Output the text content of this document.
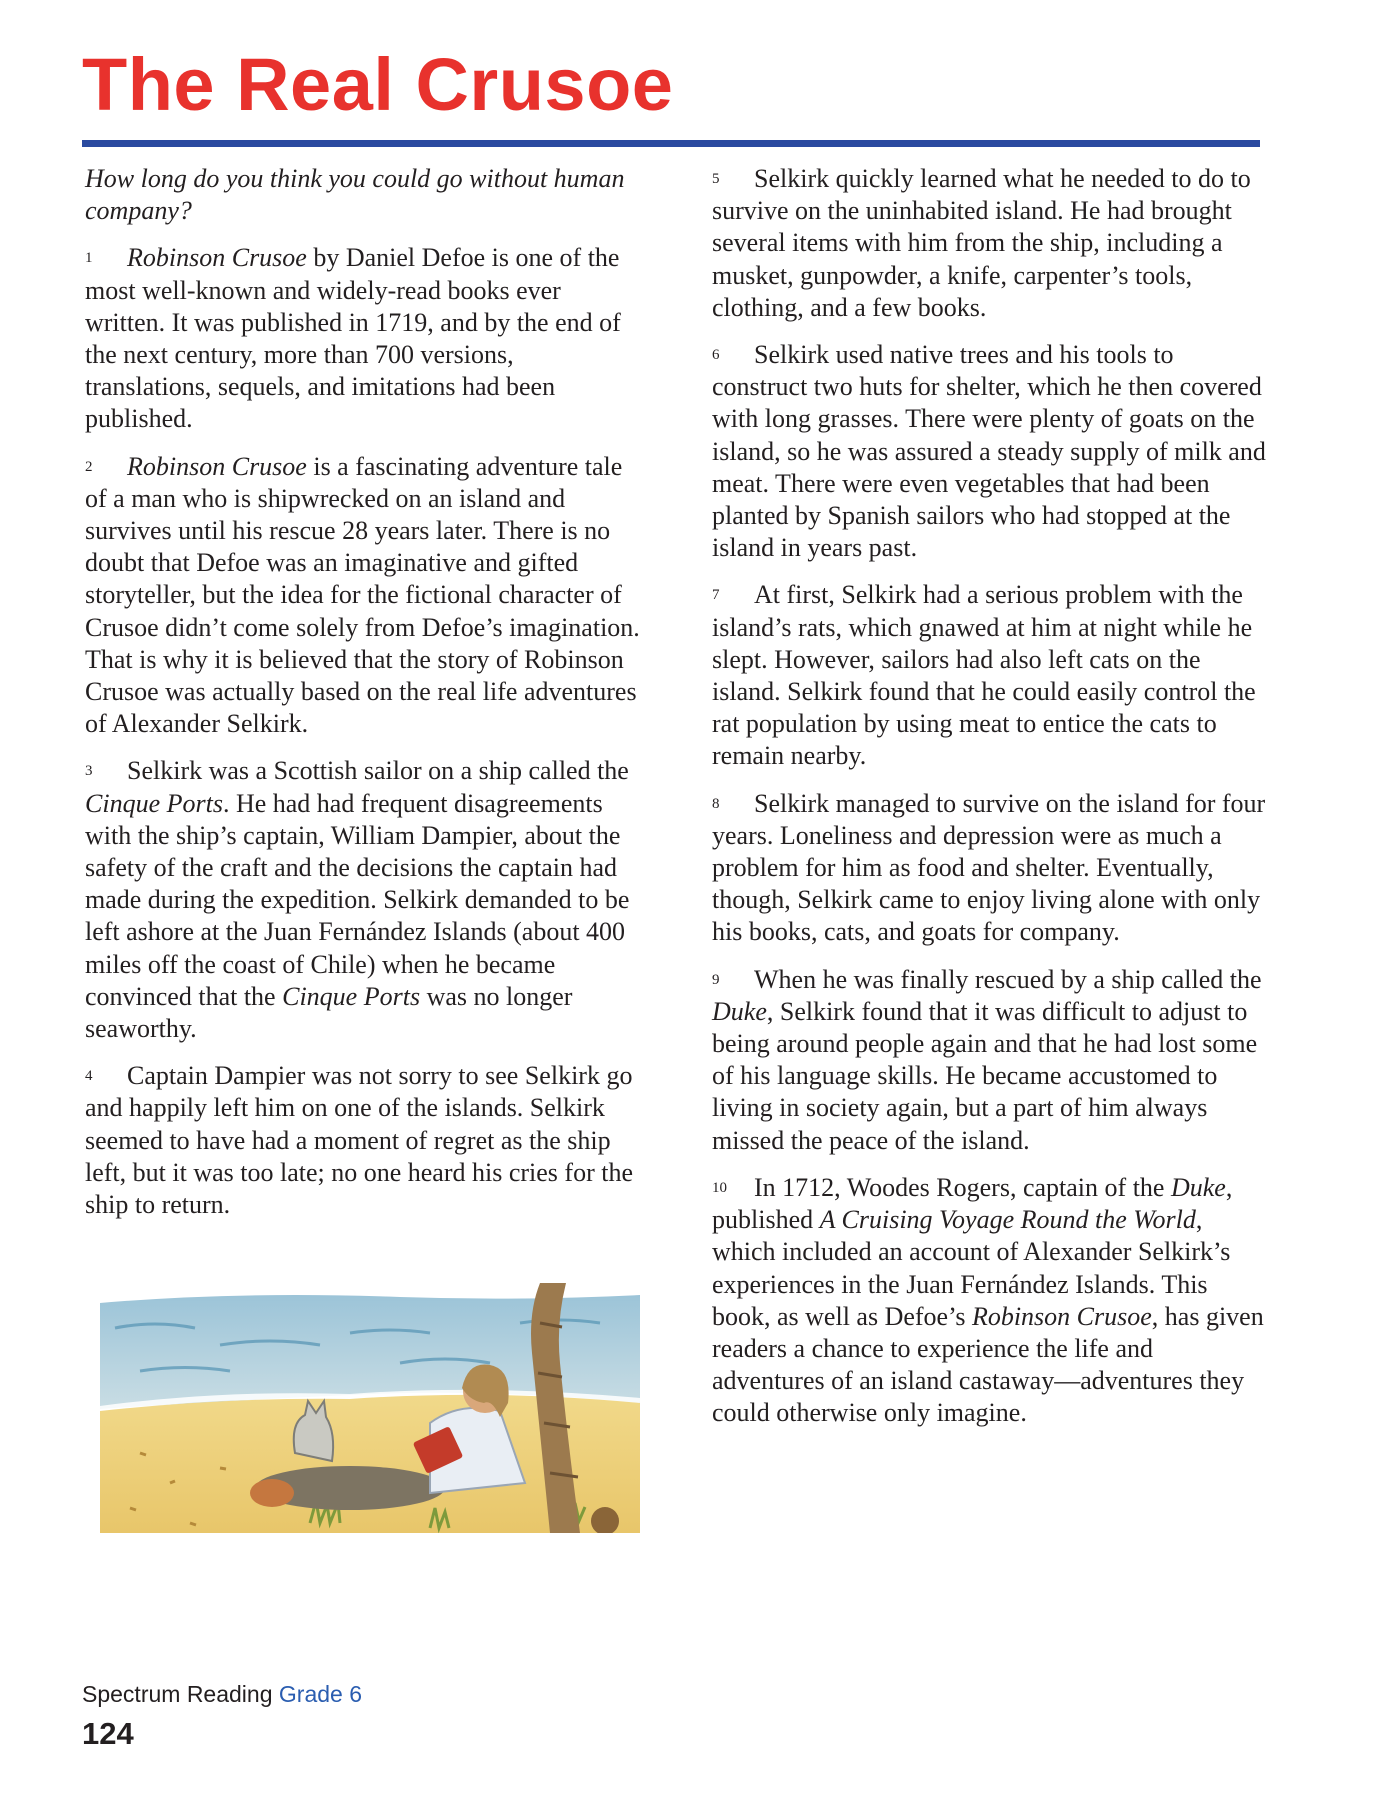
The Real Crusoe

How long do you think you could go without human company?

1 Robinson Crusoe by Daniel Defoe is one of the most well-known and widely-read books ever written. It was published in 1719, and by the end of the next century, more than 700 versions, translations, sequels, and imitations had been published.

2 Robinson Crusoe is a fascinating adventure tale of a man who is shipwrecked on an island and survives until his rescue 28 years later. There is no doubt that Defoe was an imaginative and gifted storyteller, but the idea for the fictional character of Crusoe didn’t come solely from Defoe’s imagination. That is why it is believed that the story of Robinson Crusoe was actually based on the real life adventures of Alexander Selkirk.

3 Selkirk was a Scottish sailor on a ship called the Cinque Ports. He had had frequent disagreements with the ship’s captain, William Dampier, about the safety of the craft and the decisions the captain had made during the expedition. Selkirk demanded to be left ashore at the Juan Fernández Islands (about 400 miles off the coast of Chile) when he became convinced that the Cinque Ports was no longer seaworthy.

4 Captain Dampier was not sorry to see Selkirk go and happily left him on one of the islands. Selkirk seemed to have had a moment of regret as the ship left, but it was too late; no one heard his cries for the ship to return.

5 Selkirk quickly learned what he needed to do to survive on the uninhabited island. He had brought several items with him from the ship, including a musket, gunpowder, a knife, carpenter’s tools, clothing, and a few books.

6 Selkirk used native trees and his tools to construct two huts for shelter, which he then covered with long grasses. There were plenty of goats on the island, so he was assured a steady supply of milk and meat. There were even vegetables that had been planted by Spanish sailors who had stopped at the island in years past.

7 At first, Selkirk had a serious problem with the island’s rats, which gnawed at him at night while he slept. However, sailors had also left cats on the island. Selkirk found that he could easily control the rat population by using meat to entice the cats to remain nearby.

8 Selkirk managed to survive on the island for four years. Loneliness and depression were as much a problem for him as food and shelter. Eventually, though, Selkirk came to enjoy living alone with only his books, cats, and goats for company.

9 When he was finally rescued by a ship called the Duke, Selkirk found that it was difficult to adjust to being around people again and that he had lost some of his language skills. He became accustomed to living in society again, but a part of him always missed the peace of the island.

10 In 1712, Woodes Rogers, captain of the Duke, published A Cruising Voyage Round the World, which included an account of Alexander Selkirk’s experiences in the Juan Fernández Islands. This book, as well as Defoe’s Robinson Crusoe, has given readers a chance to experience the life and adventures of an island castaway—adventures they could otherwise only imagine.

Spectrum Reading Grade 6
124
